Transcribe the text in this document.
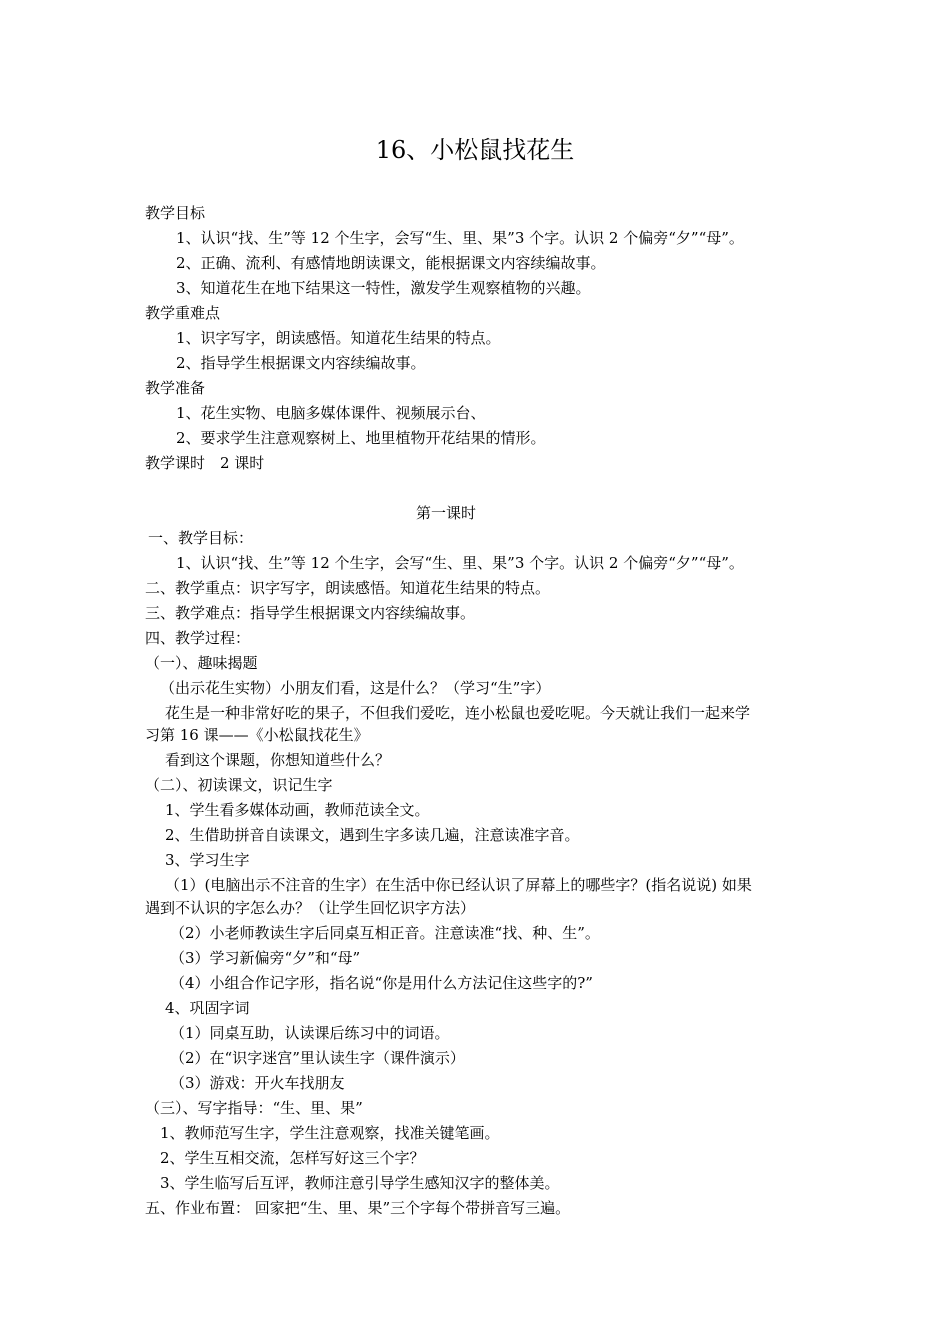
16、小松鼠找花生
第一课时
教学目标
1、认识“找、生”等 12 个生字，会写“生、里、果”3 个字。认识 2 个偏旁“夕”“母”。
2、正确、流利、有感情地朗读课文，能根据课文内容续编故事。
3、知道花生在地下结果这一特性，激发学生观察植物的兴趣。
教学重难点
1、识字写字，朗读感悟。知道花生结果的特点。
2、指导学生根据课文内容续编故事。
教学准备
1、花生实物、电脑多媒体课件、视频展示台、
2、要求学生注意观察树上、地里植物开花结果的情形。
教学课时　2 课时
一、教学目标：
1、认识“找、生”等 12 个生字，会写“生、里、果”3 个字。认识 2 个偏旁“夕”“母”。
二、教学重点：识字写字，朗读感悟。知道花生结果的特点。
三、教学难点：指导学生根据课文内容续编故事。
四、教学过程：
（一）、趣味揭题
（出示花生实物）小朋友们看，这是什么？（学习“生”字）
花生是一种非常好吃的果子，不但我们爱吃，连小松鼠也爱吃呢。今天就让我们一起来学
习第 16 课——《小松鼠找花生》
看到这个课题，你想知道些什么？
（二）、初读课文，识记生字
1、学生看多媒体动画，教师范读全文。
2、生借助拼音自读课文，遇到生字多读几遍，注意读准字音。
3、学习生字
（1）(电脑出示不注音的生字）在生活中你已经认识了屏幕上的哪些字？(指名说说) 如果
遇到不认识的字怎么办？（让学生回忆识字方法）
（2）小老师教读生字后同桌互相正音。注意读准“找、种、生”。
（3）学习新偏旁“夕”和“母”
（4）小组合作记字形，指名说“你是用什么方法记住这些字的?”
4、巩固字词
（1）同桌互助，认读课后练习中的词语。
（2）在“识字迷宫”里认读生字（课件演示）
（3）游戏：开火车找朋友
（三）、写字指导：“生、里、果”
1、教师范写生字，学生注意观察，找准关键笔画。
2、学生互相交流，怎样写好这三个字？
3、学生临写后互评，教师注意引导学生感知汉字的整体美。
五、作业布置： 回家把“生、里、果”三个字每个带拼音写三遍。
